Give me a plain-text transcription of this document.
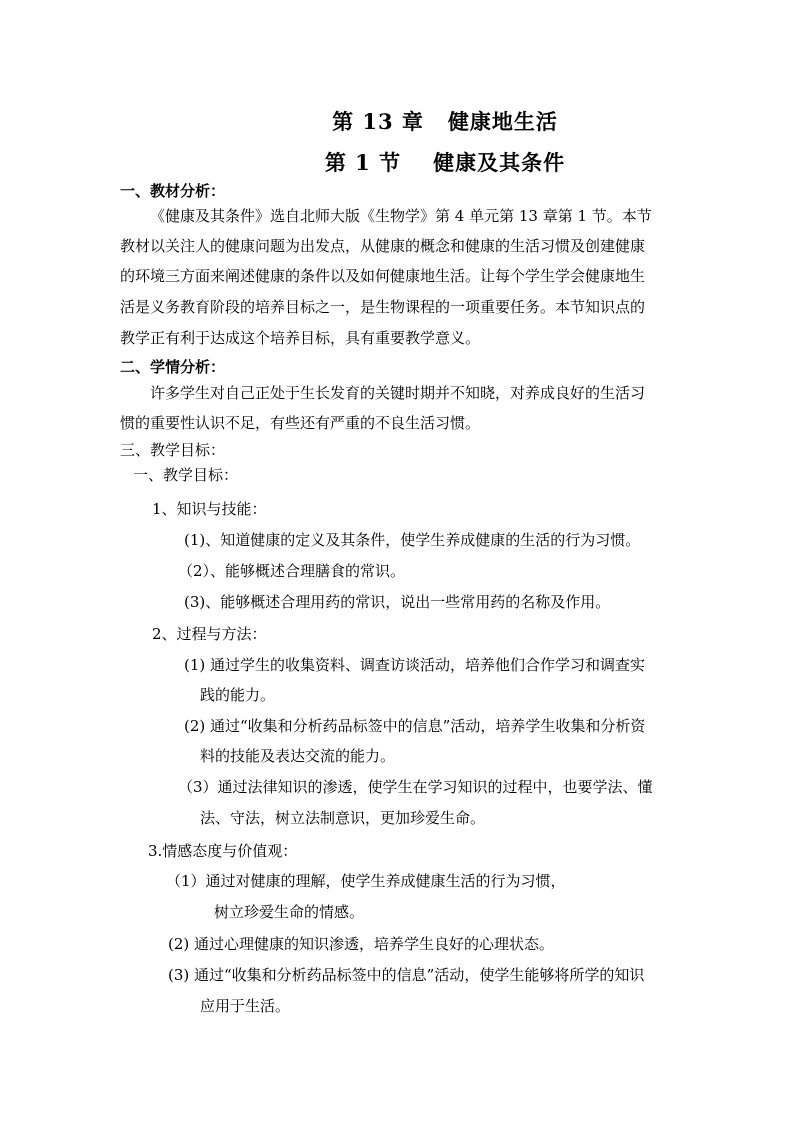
第 13 章 健康地生活
第 1 节 健康及其条件
一、教材分析：
《健康及其条件》选自北师大版《生物学》第 4 单元第 13 章第 1 节。本节
教材以关注人的健康问题为出发点，从健康的概念和健康的生活习惯及创建健康
的环境三方面来阐述健康的条件以及如何健康地生活。让每个学生学会健康地生
活是义务教育阶段的培养目标之一，是生物课程的一项重要任务。本节知识点的
教学正有利于达成这个培养目标，具有重要教学意义。
二、学情分析：
许多学生对自己正处于生长发育的关键时期并不知晓，对养成良好的生活习
惯的重要性认识不足，有些还有严重的不良生活习惯。
三、教学目标：
一、教学目标：
1、知识与技能：
(1)、知道健康的定义及其条件，使学生养成健康的生活的行为习惯。
（2）、能够概述合理膳食的常识。
(3)、能够概述合理用药的常识，说出一些常用药的名称及作用。
2、过程与方法：
(1) 通过学生的收集资料、调查访谈活动，培养他们合作学习和调查实
践的能力。
(2) 通过“收集和分析药品标签中的信息”活动，培养学生收集和分析资
料的技能及表达交流的能力。
（3）通过法律知识的渗透，使学生在学习知识的过程中，也要学法、懂
法、守法，树立法制意识，更加珍爱生命。
3.情感态度与价值观：
（1）通过对健康的理解，使学生养成健康生活的行为习惯，
树立珍爱生命的情感。
(2) 通过心理健康的知识渗透，培养学生良好的心理状态。
(3) 通过“收集和分析药品标签中的信息”活动，使学生能够将所学的知识
应用于生活。
